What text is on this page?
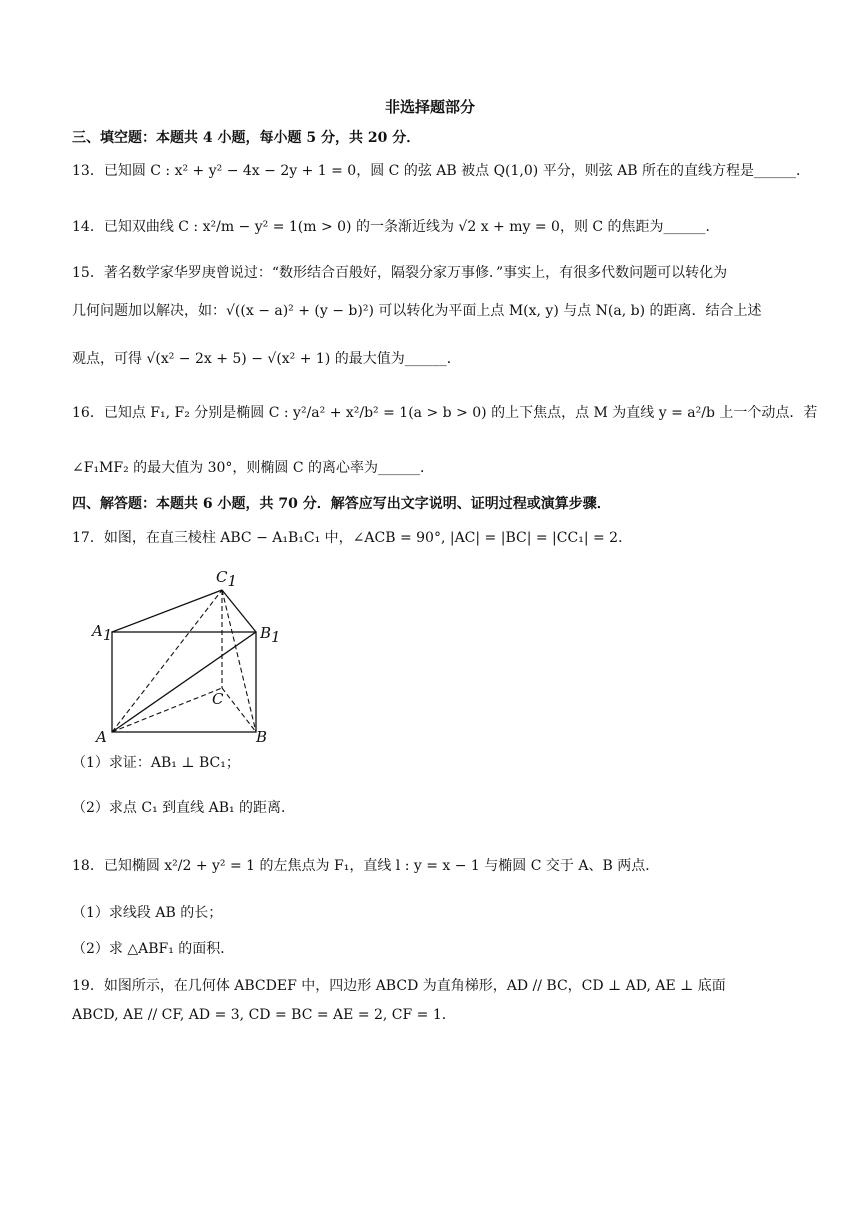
非选择题部分
三、填空题：本题共 4 小题，每小题 5 分，共 20 分．
13．已知圆 C : x² + y² − 4x − 2y + 1 = 0，圆 C 的弦 AB 被点 Q(1,0) 平分，则弦 AB 所在的直线方程是______．
14．已知双曲线 C : x²/m − y² = 1(m > 0) 的一条渐近线为 √2 x + my = 0，则 C 的焦距为______．
15．著名数学家华罗庚曾说过：“数形结合百般好，隔裂分家万事修．”事实上，有很多代数问题可以转化为
几何问题加以解决，如：√((x − a)² + (y − b)²) 可以转化为平面上点 M(x, y) 与点 N(a, b) 的距离．结合上述
观点，可得 √(x² − 2x + 5) − √(x² + 1) 的最大值为______．
16．已知点 F₁, F₂ 分别是椭圆 C : y²/a² + x²/b² = 1(a > b > 0) 的上下焦点，点 M 为直线 y = a²/b 上一个动点．若
∠F₁MF₂ 的最大值为 30°，则椭圆 C 的离心率为______．
四、解答题：本题共 6 小题，共 70 分．解答应写出文字说明、证明过程或演算步骤．
17．如图，在直三棱柱 ABC − A₁B₁C₁ 中，∠ACB = 90°, |AC| = |BC| = |CC₁| = 2．
C1
A1	B1
C
A	B
（1）求证：AB₁ ⊥ BC₁；
（2）求点 C₁ 到直线 AB₁ 的距离．
18．已知椭圆 x²/2 + y² = 1 的左焦点为 F₁，直线 l : y = x − 1 与椭圆 C 交于 A、B 两点．
（1）求线段 AB 的长；
（2）求 △ABF₁ 的面积．
19．如图所示，在几何体 ABCDEF 中，四边形 ABCD 为直角梯形，AD // BC，CD ⊥ AD, AE ⊥ 底面
ABCD, AE // CF, AD = 3, CD = BC = AE = 2, CF = 1．
